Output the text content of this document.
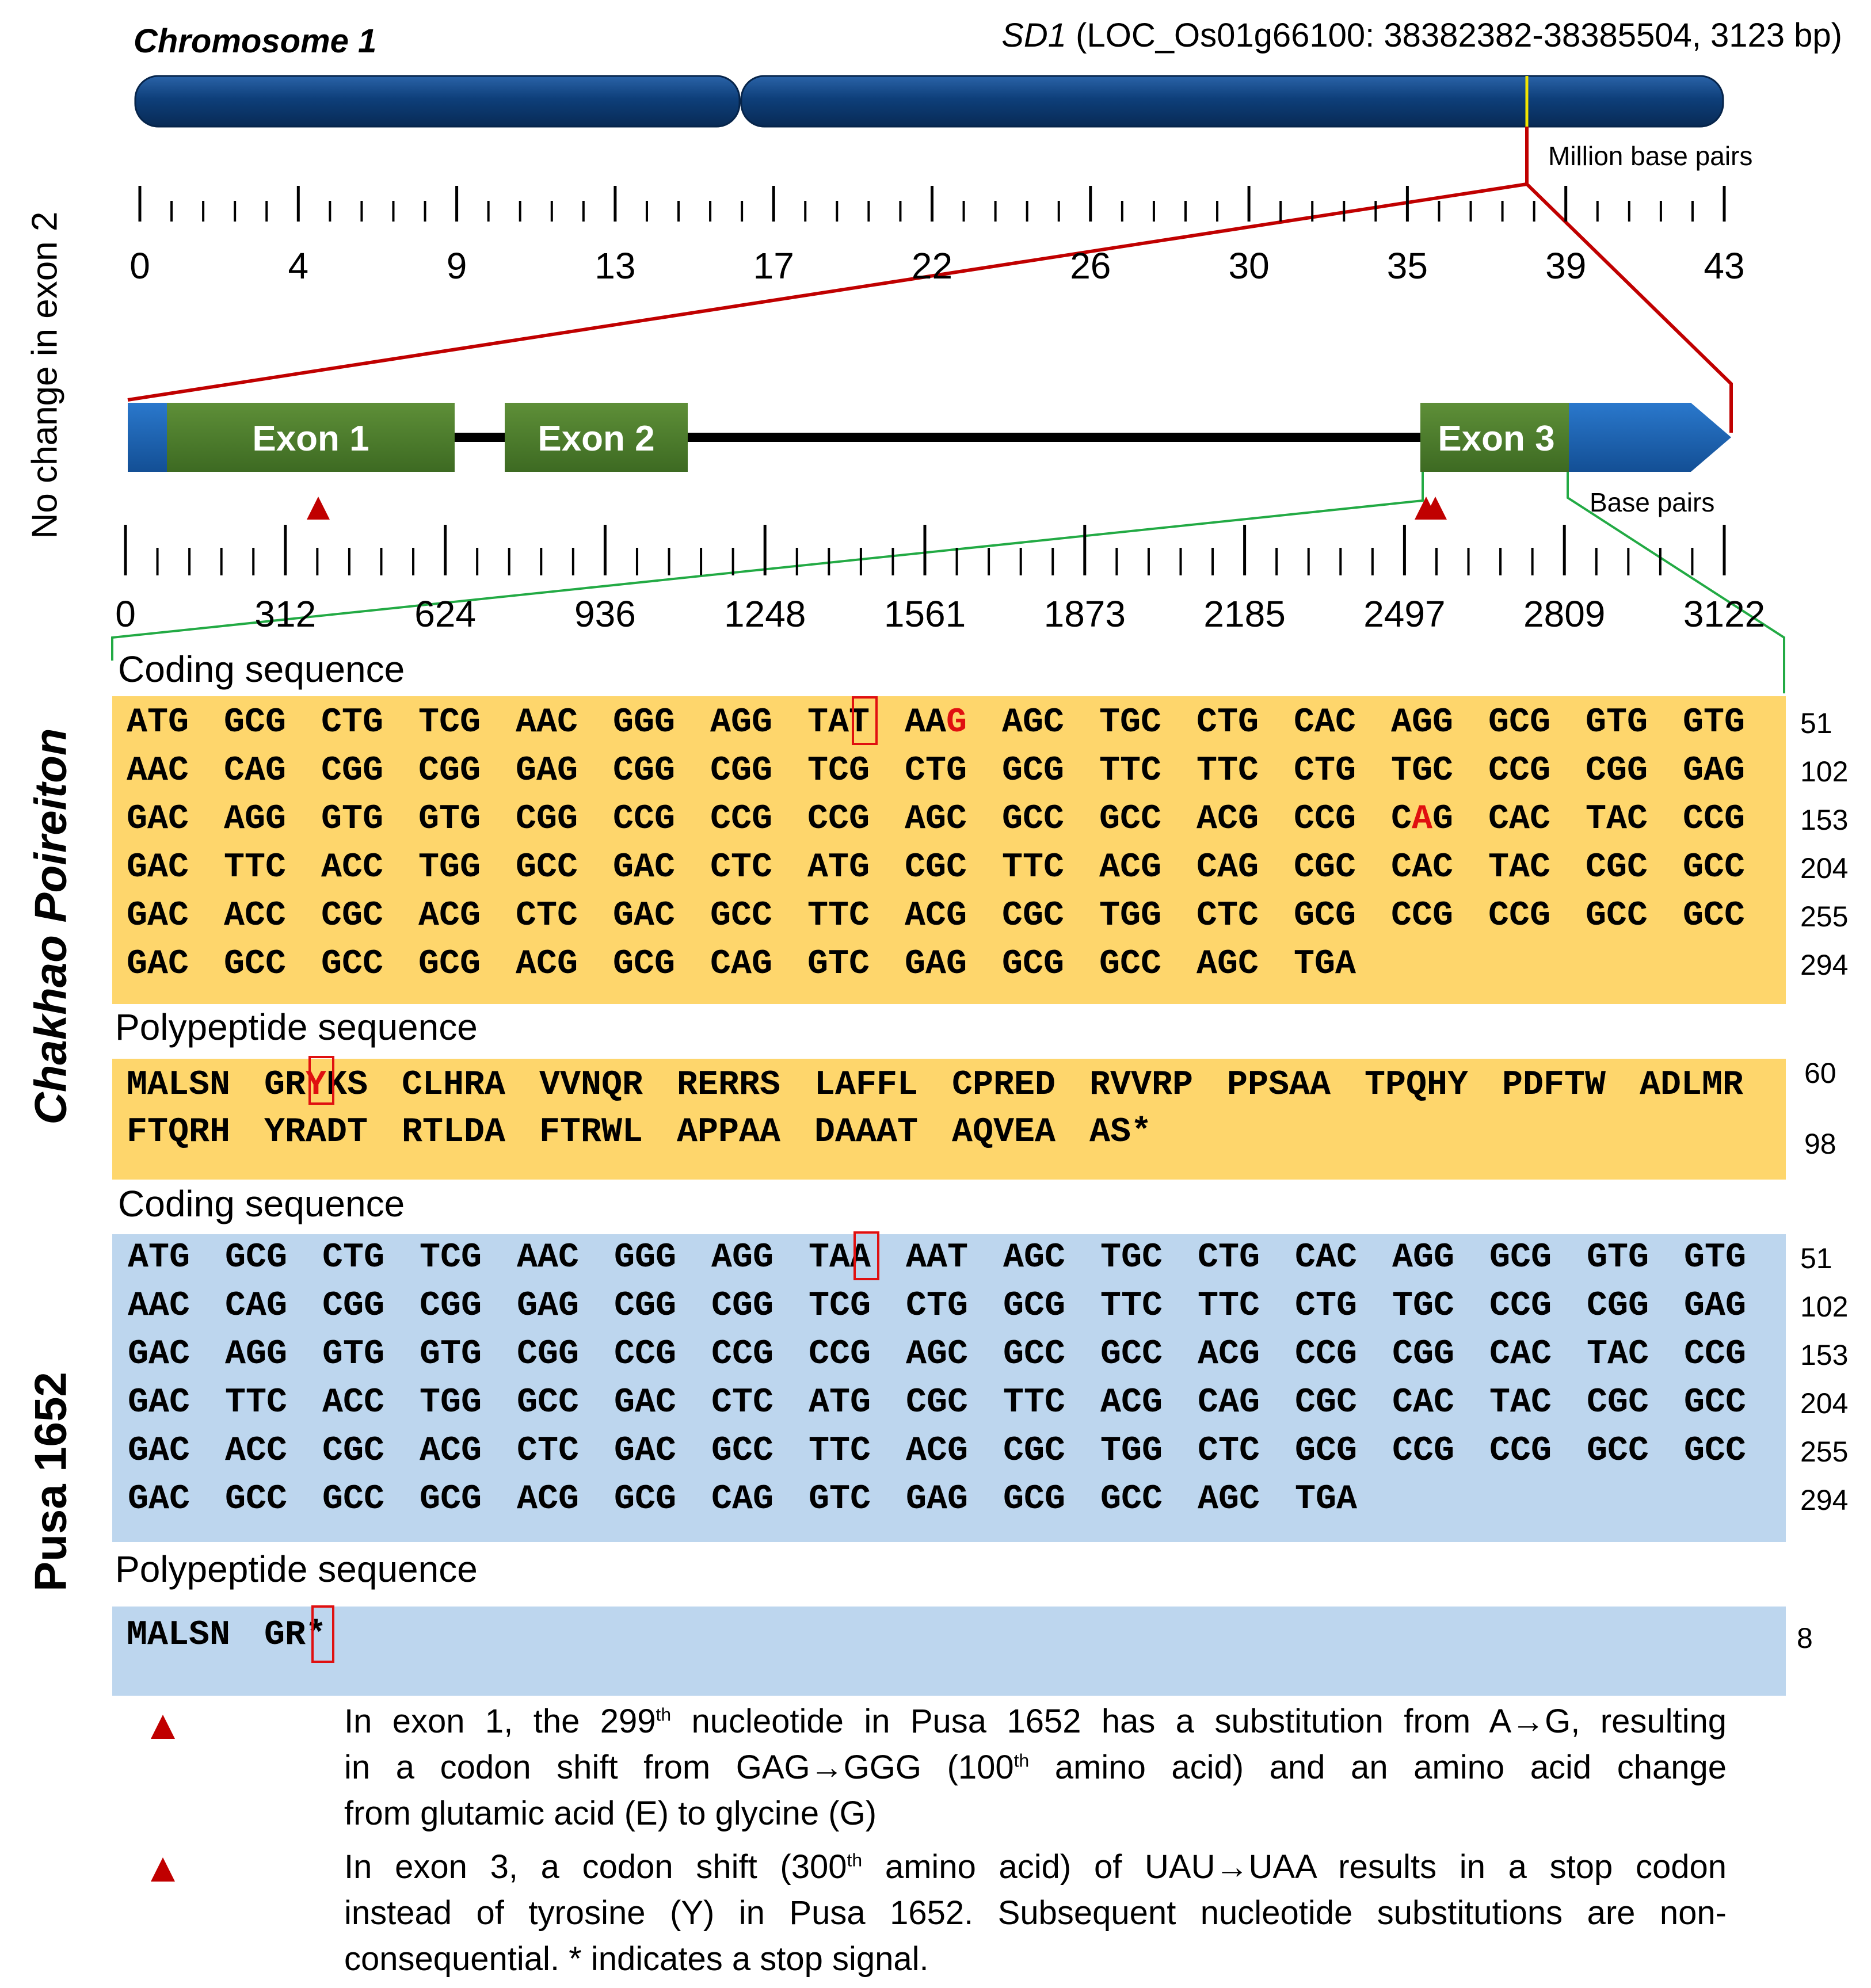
Exon 1	Exon 2	Exon 3
Chromosome 1	SD1 (LOC_Os01g66100: 38382382-38385504, 3123 bp)
Million base pairs
Base pairs
0	4	9	13	17	22	26	30	35	39	43
0	312	624	936	1248	1561	1873	2185	2497	2809	3122
No change in exon 2
Chakhao Poireiton
Pusa 1652
Coding sequence
ATG GCG CTG TCG AAC GGG AGG TAT AAG AGC TGC CTG CAC AGG GCG GTG GTG	51
AAC CAG CGG CGG GAG CGG CGG TCG CTG GCG TTC TTC CTG TGC CCG CGG GAG	102
GAC AGG GTG GTG CGG CCG CCG CCG AGC GCC GCC ACG CCG CAG CAC TAC CCG	153
GAC TTC ACC TGG GCC GAC CTC ATG CGC TTC ACG CAG CGC CAC TAC CGC GCC	204
GAC ACC CGC ACG CTC GAC GCC TTC ACG CGC TGG CTC GCG CCG CCG GCC GCC	255
GAC GCC GCC GCG ACG GCG CAG GTC GAG GCG GCC AGC TGA	294
Polypeptide sequence
MALSN GRYKS CLHRA VVNQR RERRS LAFFL CPRED RVVRP PPSAA TPQHY PDFTW ADLMR	60
FTQRH YRADT RTLDA FTRWL APPAA DAAAT AQVEA AS*	98
Coding sequence
ATG GCG CTG TCG AAC GGG AGG TAA AAT AGC TGC CTG CAC AGG GCG GTG GTG	51
AAC CAG CGG CGG GAG CGG CGG TCG CTG GCG TTC TTC CTG TGC CCG CGG GAG	102
GAC AGG GTG GTG CGG CCG CCG CCG AGC GCC GCC ACG CCG CGG CAC TAC CCG	153
GAC TTC ACC TGG GCC GAC CTC ATG CGC TTC ACG CAG CGC CAC TAC CGC GCC	204
GAC ACC CGC ACG CTC GAC GCC TTC ACG CGC TGG CTC GCG CCG CCG GCC GCC	255
GAC GCC GCC GCG ACG GCG CAG GTC GAG GCG GCC AGC TGA	294
Polypeptide sequence
MALSN GR*	8
In exon 1, the 299th nucleotide in Pusa 1652 has a substitution from A→G, resulting
in a codon shift from GAG→GGG (100th amino acid) and an amino acid change
from glutamic acid (E) to glycine (G)
In exon 3, a codon shift (300th amino acid) of UAU→UAA results in a stop codon
instead of tyrosine (Y) in Pusa 1652. Subsequent nucleotide substitutions are non-
consequential. * indicates a stop signal.
